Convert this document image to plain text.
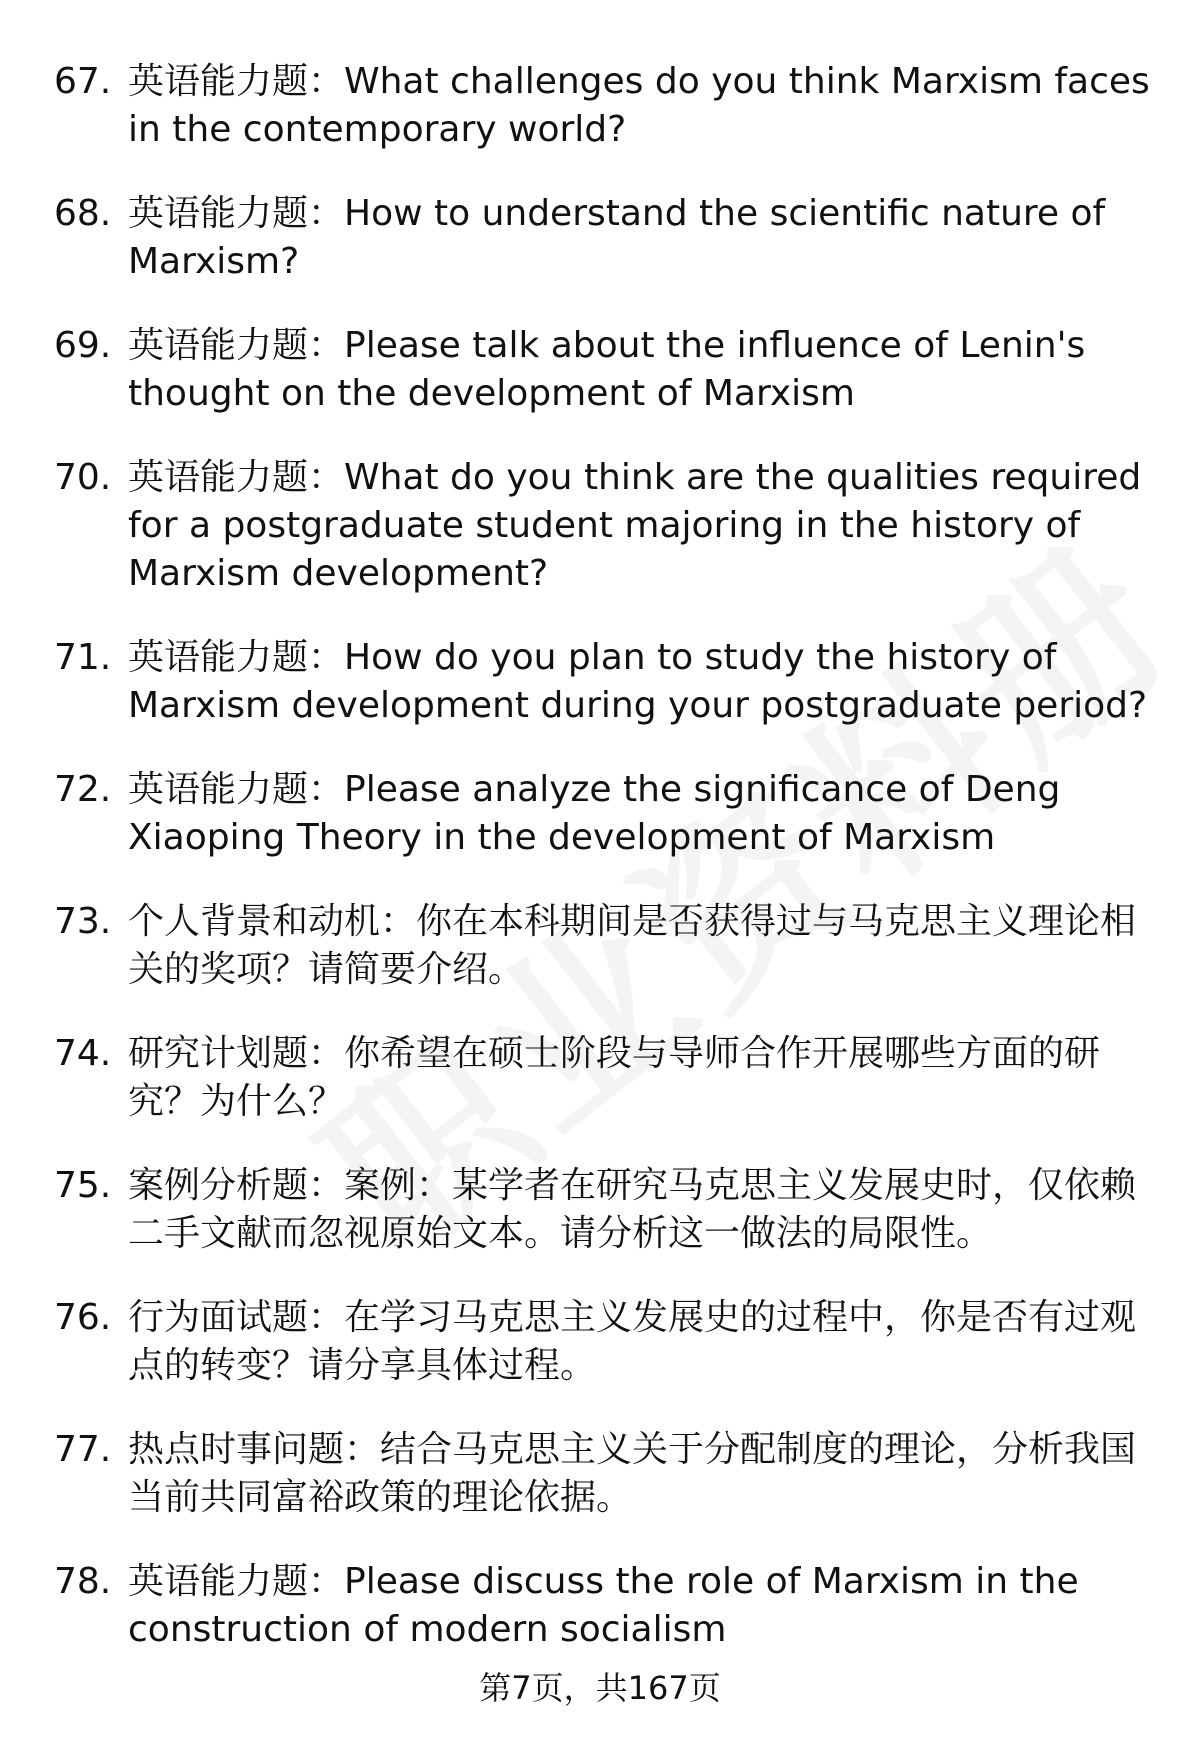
67. 英语能力题：What challenges do you think Marxism faces in the contemporary world?
68. 英语能力题：How to understand the scientific nature of Marxism?
69. 英语能力题：Please talk about the influence of Lenin's thought on the development of Marxism
70. 英语能力题：What do you think are the qualities required for a postgraduate student majoring in the history of Marxism development?
71. 英语能力题：How do you plan to study the history of Marxism development during your postgraduate period?
72. 英语能力题：Please analyze the significance of Deng Xiaoping Theory in the development of Marxism
73. 个人背景和动机：你在本科期间是否获得过与马克思主义理论相关的奖项？请简要介绍。
74. 研究计划题：你希望在硕士阶段与导师合作开展哪些方面的研究？为什么？
75. 案例分析题：案例：某学者在研究马克思主义发展史时，仅依赖二手文献而忽视原始文本。请分析这一做法的局限性。
76. 行为面试题：在学习马克思主义发展史的过程中，你是否有过观点的转变？请分享具体过程。
77. 热点时事问题：结合马克思主义关于分配制度的理论，分析我国当前共同富裕政策的理论依据。
78. 英语能力题：Please discuss the role of Marxism in the construction of modern socialism
第7页，共167页
